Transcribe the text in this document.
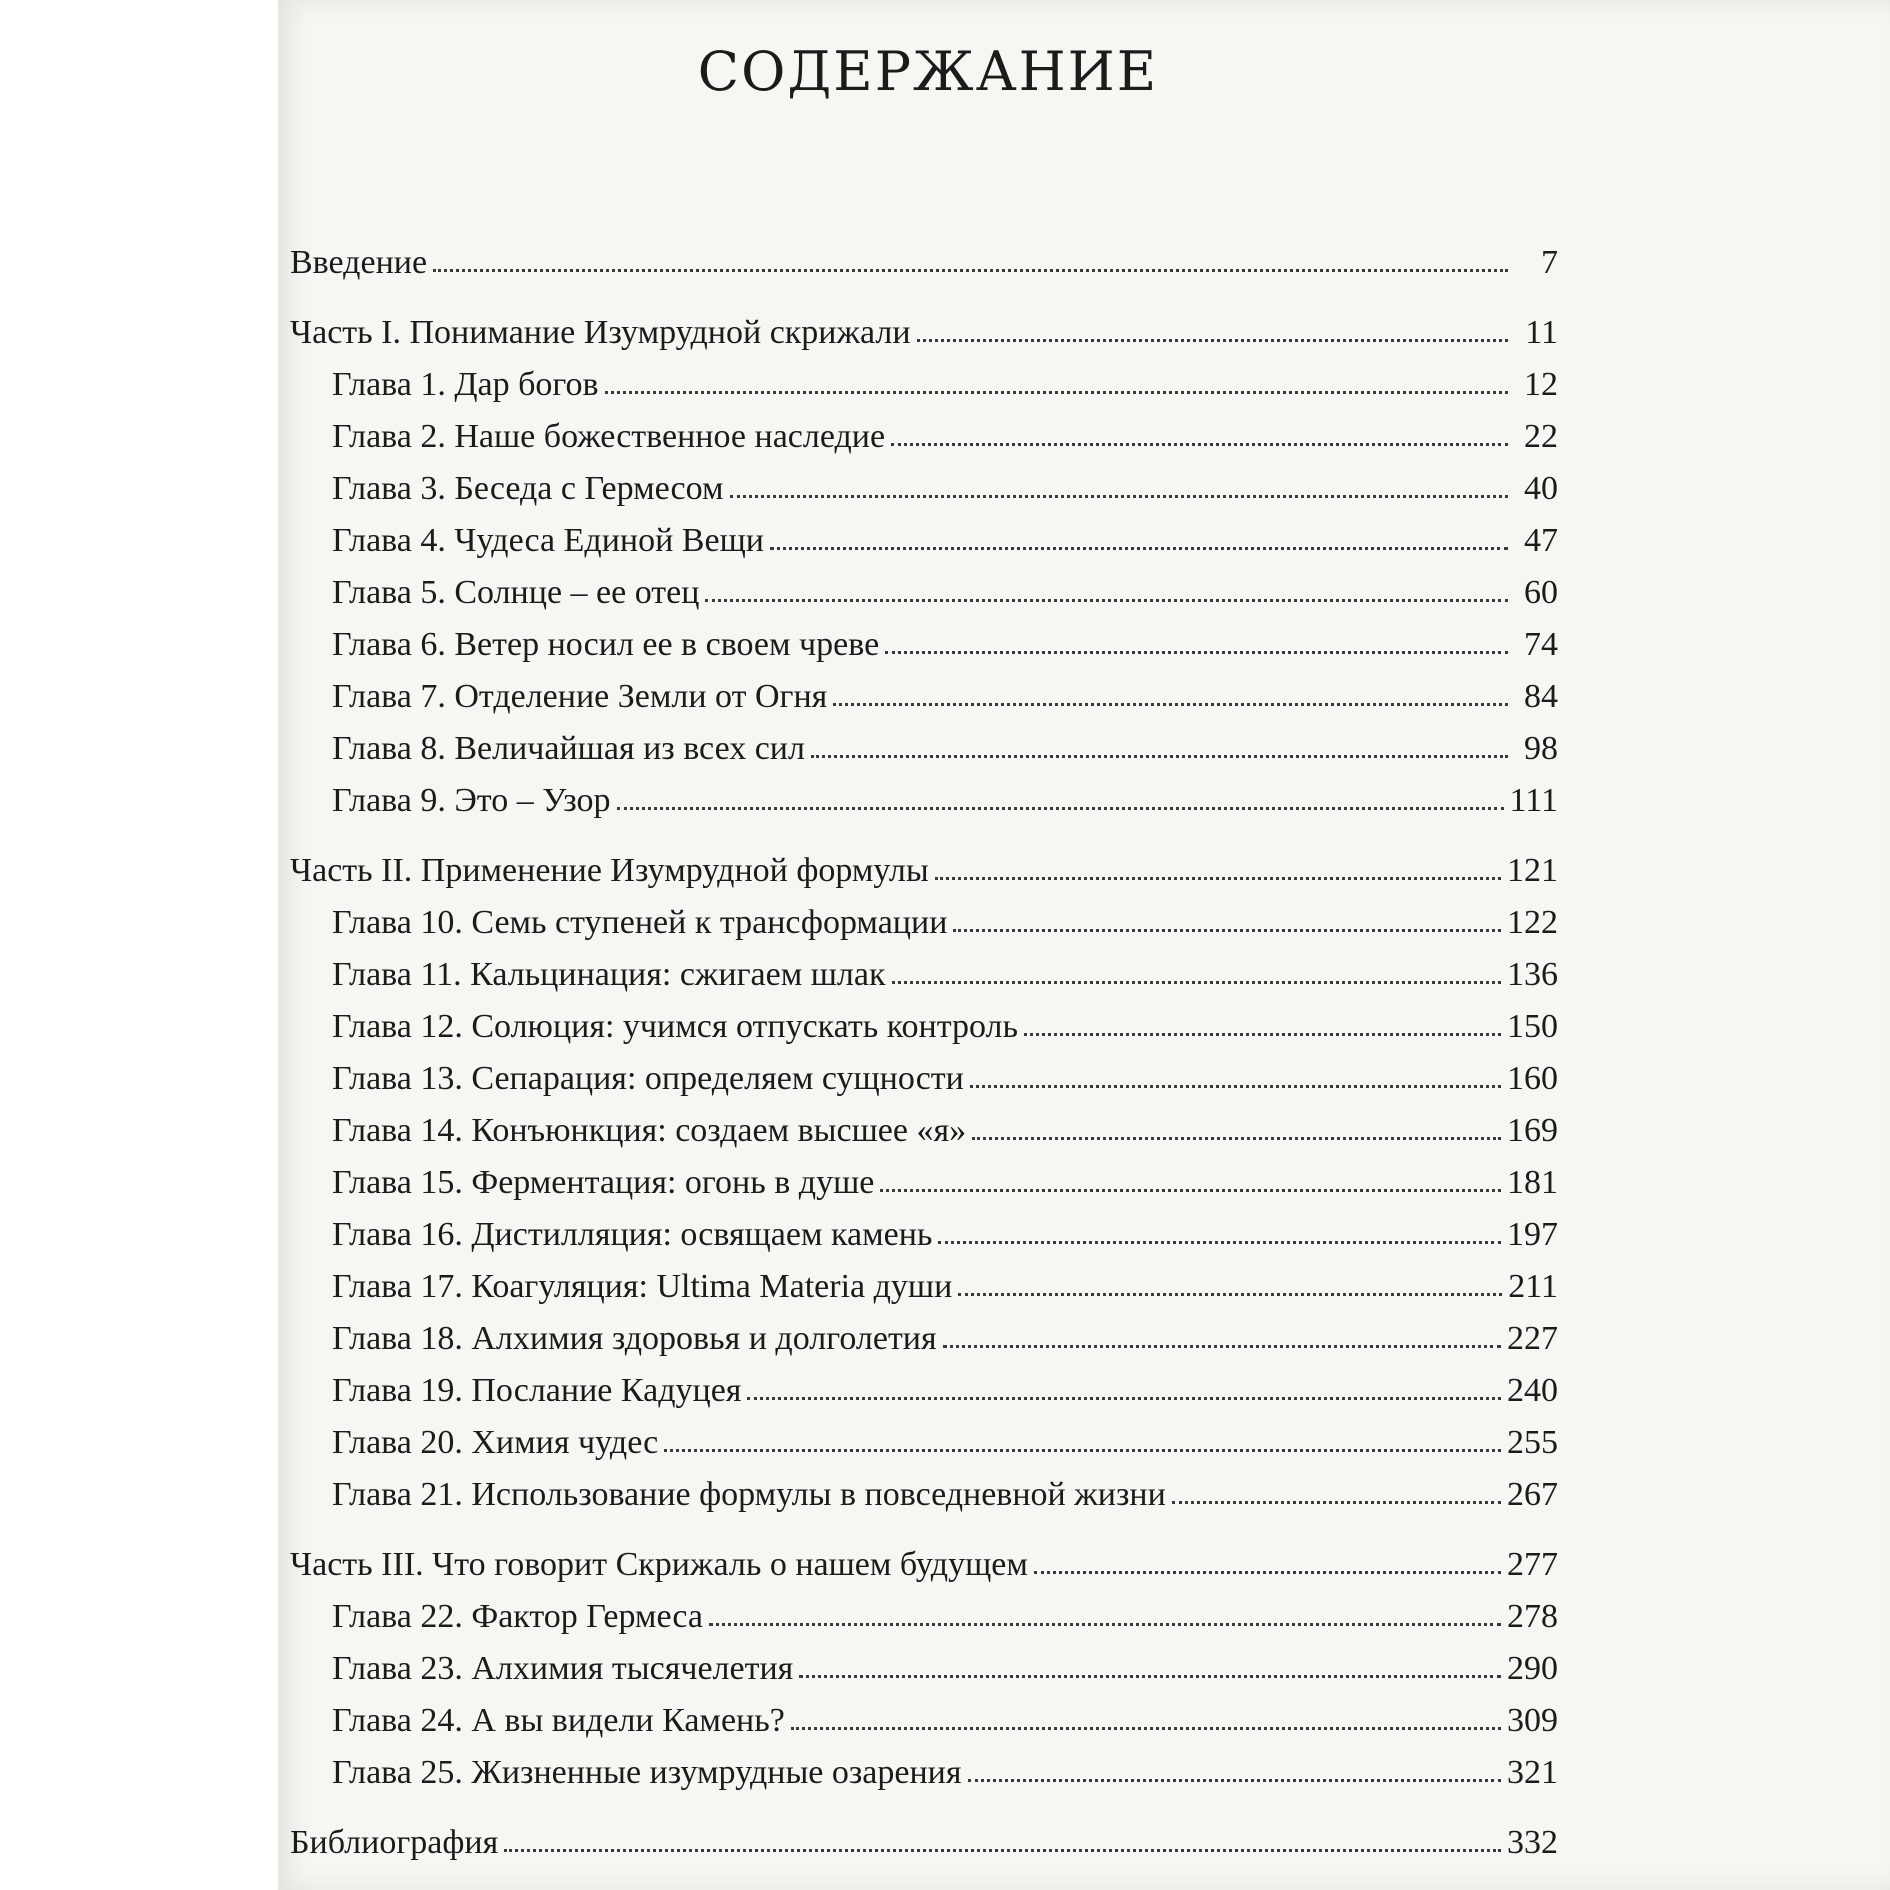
СОДЕРЖАНИЕ
Введение	7
Часть I. Понимание Изумрудной скрижали	11
Глава 1. Дар богов	12
Глава 2. Наше божественное наследие	22
Глава 3. Беседа с Гермесом	40
Глава 4. Чудеса Единой Вещи	47
Глава 5. Солнце – ее отец	60
Глава 6. Ветер носил ее в своем чреве	74
Глава 7. Отделение Земли от Огня	84
Глава 8. Величайшая из всех сил	98
Глава 9. Это – Узор	111
Часть II. Применение Изумрудной формулы	121
Глава 10. Семь ступеней к трансформации	122
Глава 11. Кальцинация: сжигаем шлак	136
Глава 12. Солюция: учимся отпускать контроль	150
Глава 13. Сепарация: определяем сущности	160
Глава 14. Конъюнкция: создаем высшее «я»	169
Глава 15. Ферментация: огонь в душе	181
Глава 16. Дистилляция: освящаем камень	197
Глава 17. Коагуляция: Ultima Materia души	211
Глава 18. Алхимия здоровья и долголетия	227
Глава 19. Послание Кадуцея	240
Глава 20. Химия чудес	255
Глава 21. Использование формулы в повседневной жизни	267
Часть III. Что говорит Скрижаль о нашем будущем	277
Глава 22. Фактор Гермеса	278
Глава 23. Алхимия тысячелетия	290
Глава 24. А вы видели Камень?	309
Глава 25. Жизненные изумрудные озарения	321
Библиография	332
